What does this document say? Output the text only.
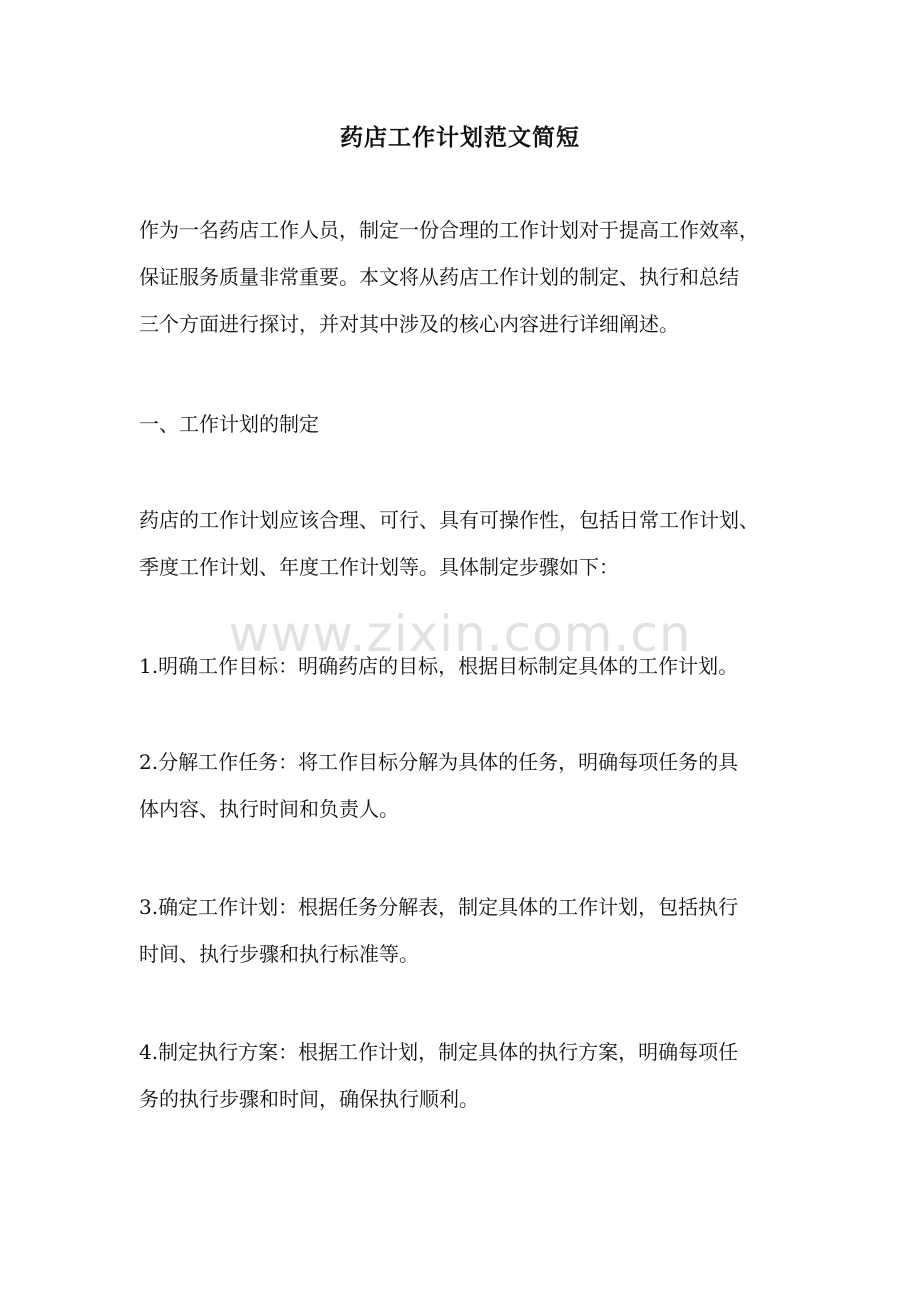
药店工作计划范文简短

作为一名药店工作人员，制定一份合理的工作计划对于提高工作效率，
保证服务质量非常重要。本文将从药店工作计划的制定、执行和总结
三个方面进行探讨，并对其中涉及的核心内容进行详细阐述。

一、工作计划的制定

药店的工作计划应该合理、可行、具有可操作性，包括日常工作计划、
季度工作计划、年度工作计划等。具体制定步骤如下：

1.明确工作目标：明确药店的目标，根据目标制定具体的工作计划。

2.分解工作任务：将工作目标分解为具体的任务，明确每项任务的具
体内容、执行时间和负责人。

3.确定工作计划：根据任务分解表，制定具体的工作计划，包括执行
时间、执行步骤和执行标准等。

4.制定执行方案：根据工作计划，制定具体的执行方案，明确每项任
务的执行步骤和时间，确保执行顺利。

www.zixin.com.cn
